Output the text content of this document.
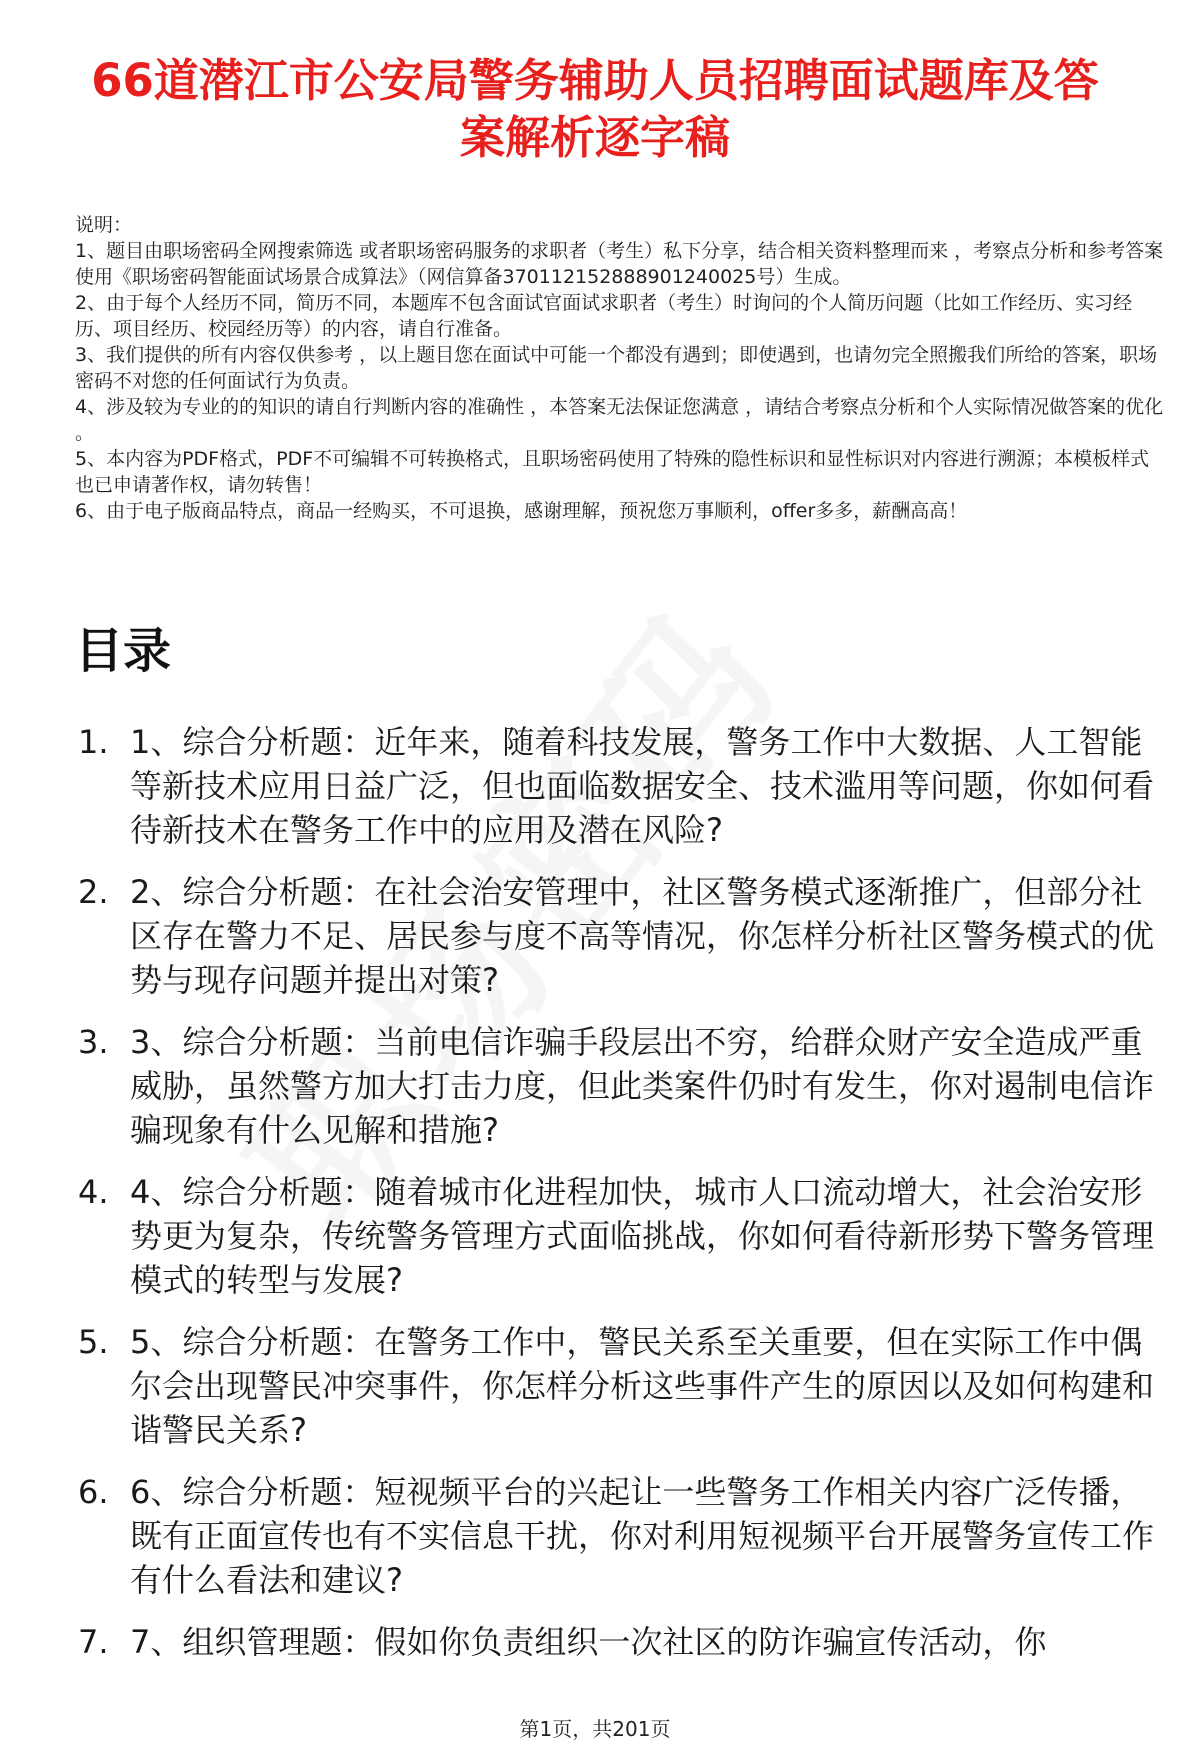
66道潜江市公安局警务辅助人员招聘面试题库及答案解析逐字稿

说明：

1、题目由职场密码全网搜索筛选 或者职场密码服务的求职者（考生）私下分享，结合相关资料整理而来 ，考察点分析和参考答案使用《职场密码智能面试场景合成算法》（网信算备370112152888901240025号）生成。

2、由于每个人经历不同，简历不同，本题库不包含面试官面试求职者（考生）时询问的个人简历问题（比如工作经历、实习经历、项目经历、校园经历等）的内容，请自行准备。

3、我们提供的所有内容仅供参考 ，以上题目您在面试中可能一个都没有遇到；即使遇到，也请勿完全照搬我们所给的答案，职场密码不对您的任何面试行为负责。

4、涉及较为专业的的知识的请自行判断内容的准确性 ，本答案无法保证您满意 ，请结合考察点分析和个人实际情况做答案的优化 。

5、本内容为PDF格式，PDF不可编辑不可转换格式，且职场密码使用了特殊的隐性标识和显性标识对内容进行溯源；本模板样式也已申请著作权，请勿转售！

6、由于电子版商品特点，商品一经购买，不可退换，感谢理解，预祝您万事顺利，offer多多，薪酬高高！

目录
1. 1、综合分析题：近年来，随着科技发展，警务工作中大数据、人工智能等新技术应用日益广泛，但也面临数据安全、技术滥用等问题，你如何看待新技术在警务工作中的应用及潜在风险?
2. 2、综合分析题：在社会治安管理中，社区警务模式逐渐推广，但部分社区存在警力不足、居民参与度不高等情况，你怎样分析社区警务模式的优势与现存问题并提出对策?
3. 3、综合分析题：当前电信诈骗手段层出不穷，给群众财产安全造成严重威胁，虽然警方加大打击力度，但此类案件仍时有发生，你对遏制电信诈骗现象有什么见解和措施?
4. 4、综合分析题：随着城市化进程加快，城市人口流动增大，社会治安形势更为复杂，传统警务管理方式面临挑战，你如何看待新形势下警务管理模式的转型与发展?
5. 5、综合分析题：在警务工作中，警民关系至关重要，但在实际工作中偶尔会出现警民冲突事件，你怎样分析这些事件产生的原因以及如何构建和谐警民关系?
6. 6、综合分析题：短视频平台的兴起让一些警务工作相关内容广泛传播，既有正面宣传也有不实信息干扰，你对利用短视频平台开展警务宣传工作有什么看法和建议?
7. 7、组织管理题：假如你负责组织一次社区的防诈骗宣传活动，你
第1页，共201页
